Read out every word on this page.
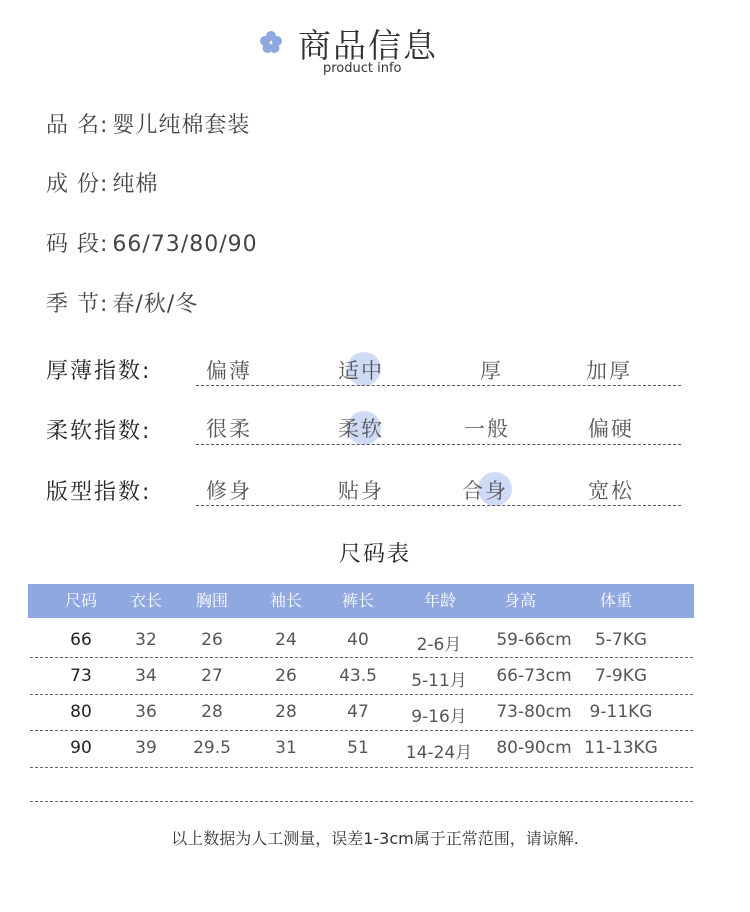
商品信息
product info
品 名: 婴儿纯棉套装
成 份: 纯棉
码 段: 66/73/80/90
季 节: 春/秋/冬
厚薄指数:	偏薄	适中	厚	加厚
柔软指数:	很柔	柔软	一般	偏硬
版型指数:	修身	贴身	合身	宽松
尺码表
尺码	衣长	胸围	袖长	裤长	年龄	身高	体重
66	32	26	24	40	2-6月	59-66cm	5-7KG
73	34	27	26	43.5	5-11月	66-73cm	7-9KG
80	36	28	28	47	9-16月	73-80cm	9-11KG
90	39	29.5	31	51	14-24月	80-90cm 11-13KG
以上数据为人工测量，误差1-3cm属于正常范围，请谅解.
